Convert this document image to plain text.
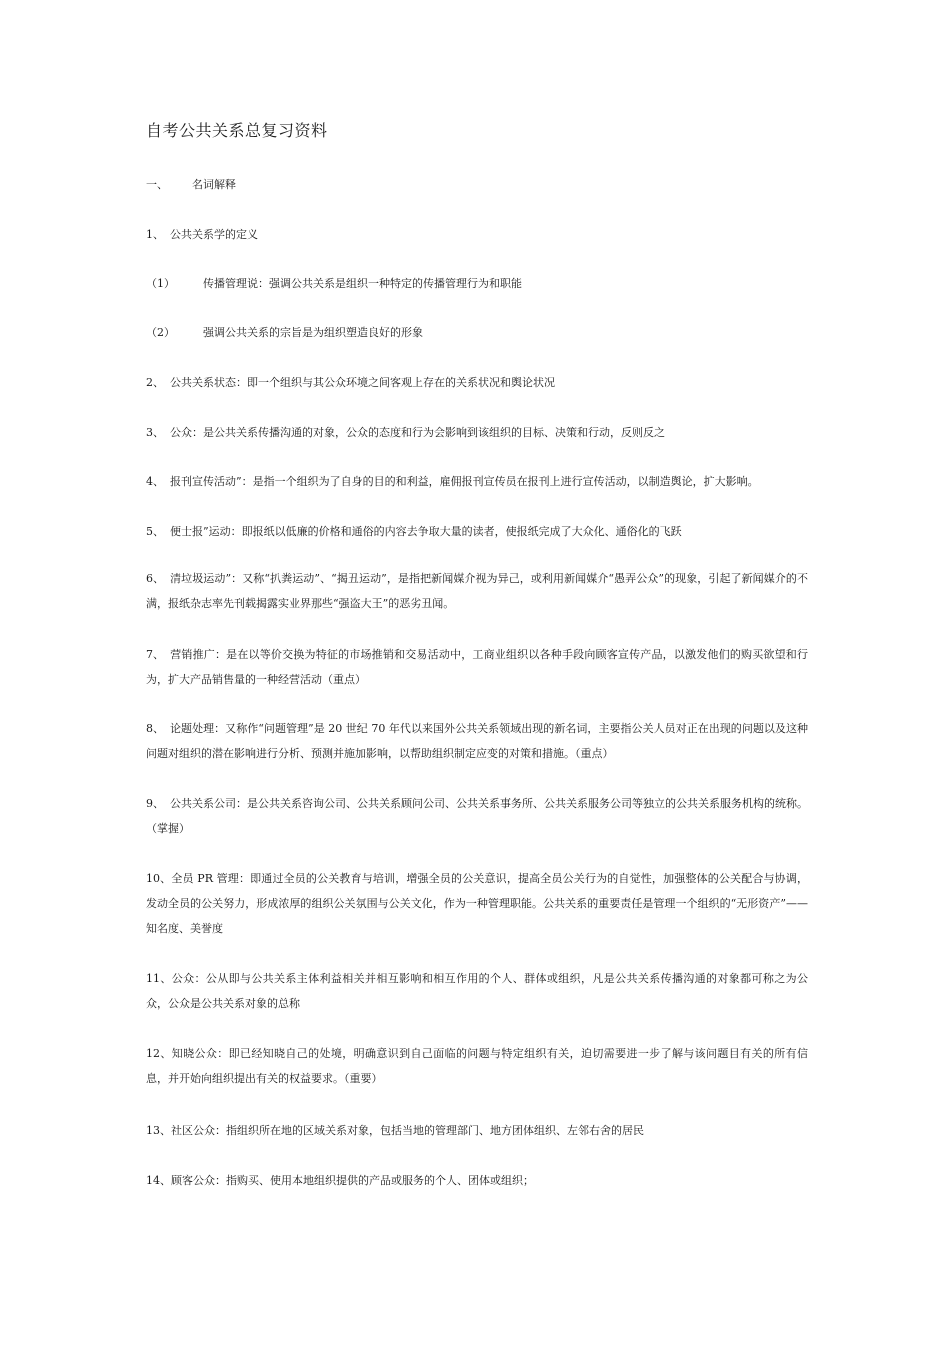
自考公共关系总复习资料
一、 名词解释
1、 公共关系学的定义
（1）	传播管理说：强调公共关系是组织一种特定的传播管理行为和职能
（2）	强调公共关系的宗旨是为组织塑造良好的形象
2、 公共关系状态：即一个组织与其公众环境之间客观上存在的关系状况和舆论状况
3、 公众：是公共关系传播沟通的对象，公众的态度和行为会影响到该组织的目标、决策和行动，反则反之
4、 报刊宣传活动”：是指一个组织为了自身的目的和利益，雇佣报刊宣传员在报刊上进行宣传活动，以制造舆论，扩大影响。
5、 便士报”运动：即报纸以低廉的价格和通俗的内容去争取大量的读者，使报纸完成了大众化、通俗化的飞跃
6、 清垃圾运动”：又称“扒粪运动”、“揭丑运动”，是指把新闻媒介视为异己，或利用新闻媒介“愚弄公众”的现象，引起了新闻媒介的不满，报纸杂志率先刊载揭露实业界那些“强盗大王”的恶劣丑闻。
7、 营销推广：是在以等价交换为特征的市场推销和交易活动中，工商业组织以各种手段向顾客宣传产品，以激发他们的购买欲望和行为，扩大产品销售量的一种经营活动（重点）
8、 论题处理：又称作“问题管理”是 20 世纪 70 年代以来国外公共关系领域出现的新名词，主要指公关人员对正在出现的问题以及这种问题对组织的潜在影响进行分析、预测并施加影响，以帮助组织制定应变的对策和措施。（重点）
9、 公共关系公司：是公共关系咨询公司、公共关系顾问公司、公共关系事务所、公共关系服务公司等独立的公共关系服务机构的统称。（掌握）
10、全员 PR 管理：即通过全员的公关教育与培训，增强全员的公关意识，提高全员公关行为的自觉性，加强整体的公关配合与协调，发动全员的公关努力，形成浓厚的组织公关氛围与公关文化，作为一种管理职能。公共关系的重要责任是管理一个组织的“无形资产”——知名度、美誉度
11、公众：公从即与公共关系主体利益相关并相互影响和相互作用的个人、群体或组织，凡是公共关系传播沟通的对象都可称之为公众，公众是公共关系对象的总称
12、知晓公众：即已经知晓自己的处境，明确意识到自己面临的问题与特定组织有关，迫切需要进一步了解与该问题目有关的所有信息，并开始向组织提出有关的权益要求。（重要）
13、社区公众：指组织所在地的区域关系对象，包括当地的管理部门、地方团体组织、左邻右舍的居民
14、顾客公众：指购买、使用本地组织提供的产品或服务的个人、团体或组织；
